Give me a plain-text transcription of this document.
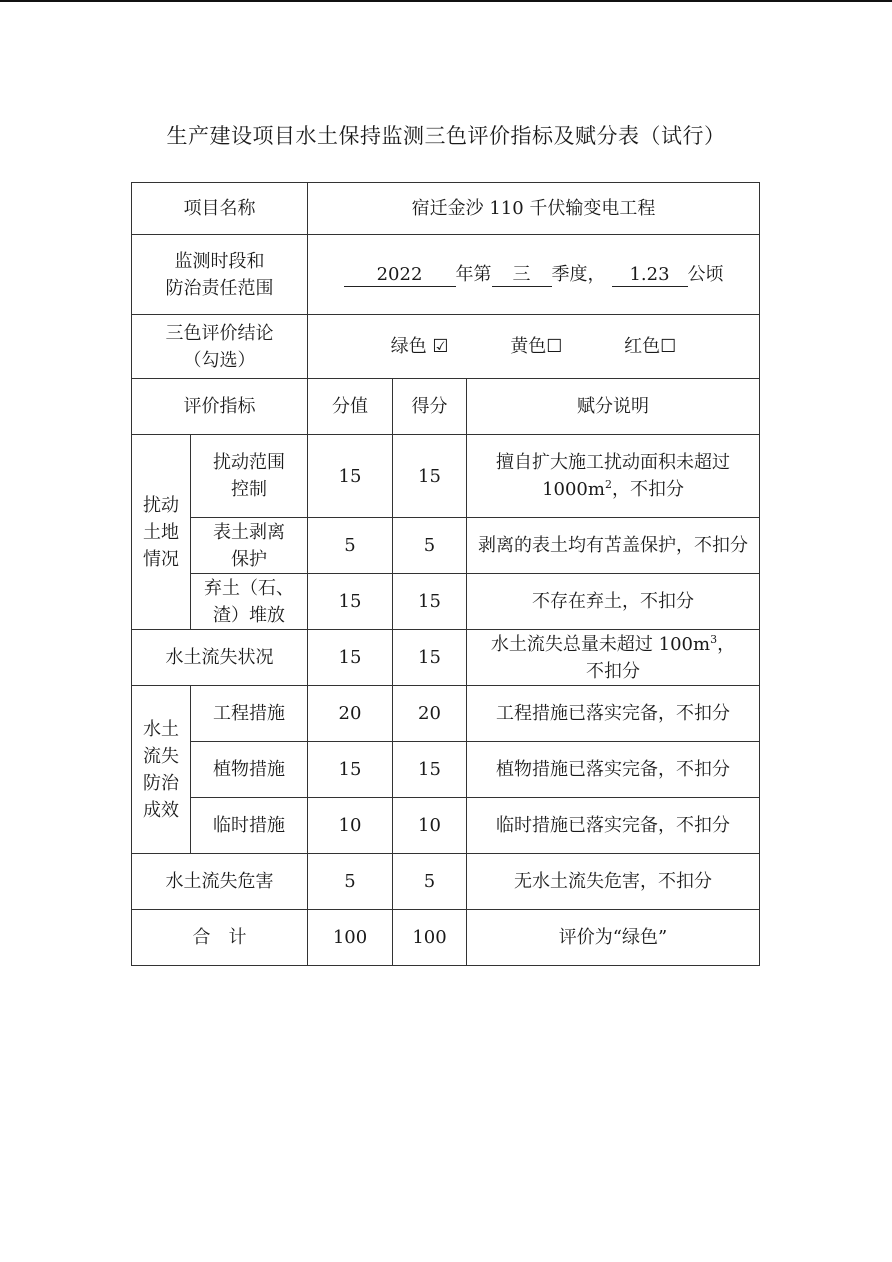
生产建设项目水土保持监测三色评价指标及赋分表（试行）
项目名称		宿迁金沙 110 千伏输变电工程		

监测时段和
防治责任范围		2022 年第 三 季度， 1.23 公顷		

三色评价结论
（勾选）		绿色 ☑ 黄色☐ 红色☐		
评价指标		分值	得分	赋分说明
扰动
土地
情况	扰动范围
控制	15	15	擅自扩大施工扰动面积未超过$1000m^2$，不扣分
	表土剥离
保护	5	5	剥离的表土均有苫盖保护，不扣分
	弃土（石、
渣）堆放	15	15	不存在弃土，不扣分
水土流失状况		15	15	水土流失总量未超过 $100m^3$，
不扣分
水土
流失
防治
成效	工程措施	20	20	工程措施已落实完备，不扣分
	植物措施	15	15	植物措施已落实完备，不扣分
	临时措施	10	10	临时措施已落实完备，不扣分
水土流失危害		5	5	无水土流失危害，不扣分
合　计		100	100	评价为“绿色”
